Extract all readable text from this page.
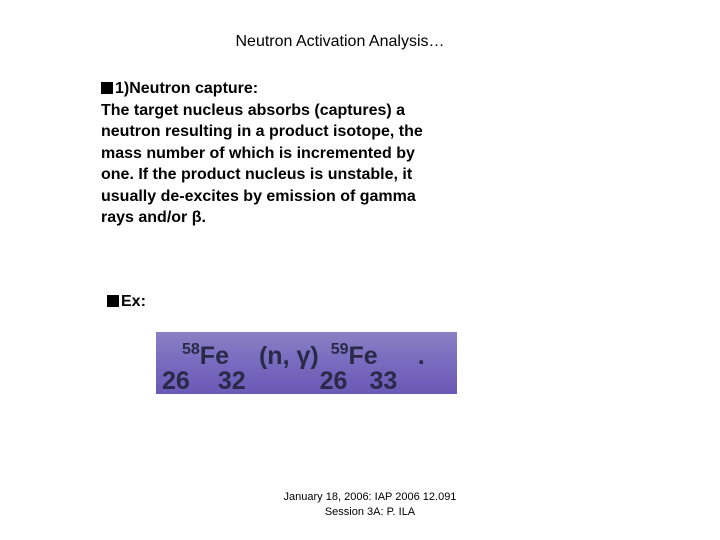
Neutron Activation Analysis…
1)Neutron capture:
The target nucleus absorbs (captures) a
neutron resulting in a product isotope, the
mass number of which is incremented by
one. If the product nucleus is unstable, it
usually de-excites by emission of gamma
rays and/or β.
Ex:
$^{58}$Fe (n, γ) $^{59}$Fe .
26 32	26 33
January 18, 2006: IAP 2006 12.091
Session 3A: P. ILA
